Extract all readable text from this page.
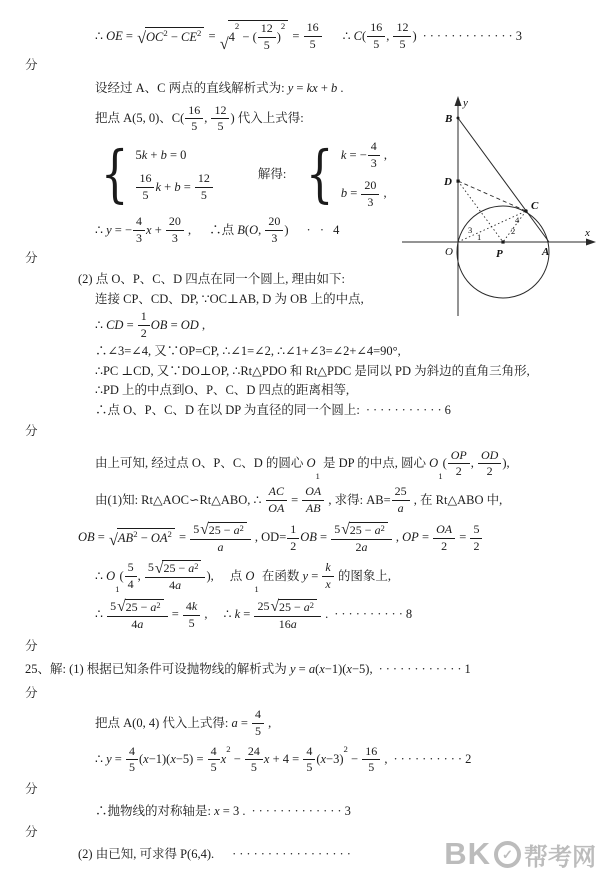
∴ OE = √ OC 2 − CE 2 = √ 4
2
− ( $\frac{12}{5}$ )
2
= $\frac{16}{5}$ ∴ C ( $\frac{16}{5}$ , $\frac{12}{5}$ ) ·············3
分
设经过 A、C 两点的直线解析式为: y = kx + b .
把点 A(5, 0)、$C( \frac{16}{5}$ , $\frac{12}{5}$ ) 代入上式得:
{ 5 k + b = 0
$\frac{16}{5}$ $k + b = \frac{12}{5}$	解得: { k = − $\frac{4}{3}$ ,
$b = \frac{20}{3}$ ,
∴ y = − $\frac{4}{3}$ $x + \frac{20}{3}$ , ∴点 B ( O , $\frac{20}{3}$ ) · · 4
分
(2) 点 O、P、C、D 四点在同一个圆上, 理由如下:
连接 CP、CD、DP, ∵OC⊥AB, D 为 OB 上的中点,
∴ CD = $\frac{1}{2}$ OB = OD ,
∴∠3=∠4, 又∵OP=CP, ∴∠1=∠2, ∴∠1+∠3=∠2+∠4=90°,
∴PC ⊥CD, 又∵DO⊥OP, ∴Rt△PDO 和 Rt△PDC 是同以 PD 为斜边的直角三角形,
∴PD 上的中点到O、P、C、D 四点的距离相等,
∴点 O、P、C、D 在以 DP 为直径的同一个圆上: ···········6
分
由上可知, 经过点 O、P、C、D 的圆心 O
1
是 DP 的中点, 圆心 O
1
( $\frac{OP}{2}$ , $\frac{OD}{2}$ ),
由(1)知: Rt△AOC∽Rt△ABO, ∴ $\frac{AC}{OA} = \frac{OA}{AB}$ , 求得: $AB= \frac{25}{a}$ , 在 Rt△ABO 中,
OB = √ AB 2 − OA $2 = \frac{5 √ 25 - a 2}{a}$ , $OD= \frac{1}{2}$ OB = $\frac{5 √ 25 - a 2}{2 a}$ , OP = $\frac{OA}{2} = \frac{5}{2}$
∴ O
1
( $\frac{5}{4}$ , $\frac{5 √ 25 - a 2}{4 a}$ ), 点 O
1
在函数 $y = \frac{k}{x}$ 的图象上,
∴ $\frac{5 √ 25 - a 2}{4 a} = \frac{4 k}{5}$ , ∴ $k = \frac{25 √ 25 - a 2}{16 a}$ . ··········8
分
25、解: (1) 根据已知条件可设抛物线的解析式为 y = a ( x −1)( x −5), ············1
分
把点 A(0, 4) 代入上式得: $a = \frac{4}{5}$ ,
∴ $y = \frac{4}{5}$ ( x −1)( $x -5) = \frac{4}{5}$ x
2
− $\frac{24}{5}$ $x + 4 = \frac{4}{5}$ ( x −3)
2
− $\frac{16}{5}$ , ··········2
分
∴抛物线的对称轴是: x = 3 . ·············3
分
(2) 由已知, 可求得 P(6,4). ·················
B
y
D
C
O	P	A
x
4
2
3
1
BK ✓ 帮考网
